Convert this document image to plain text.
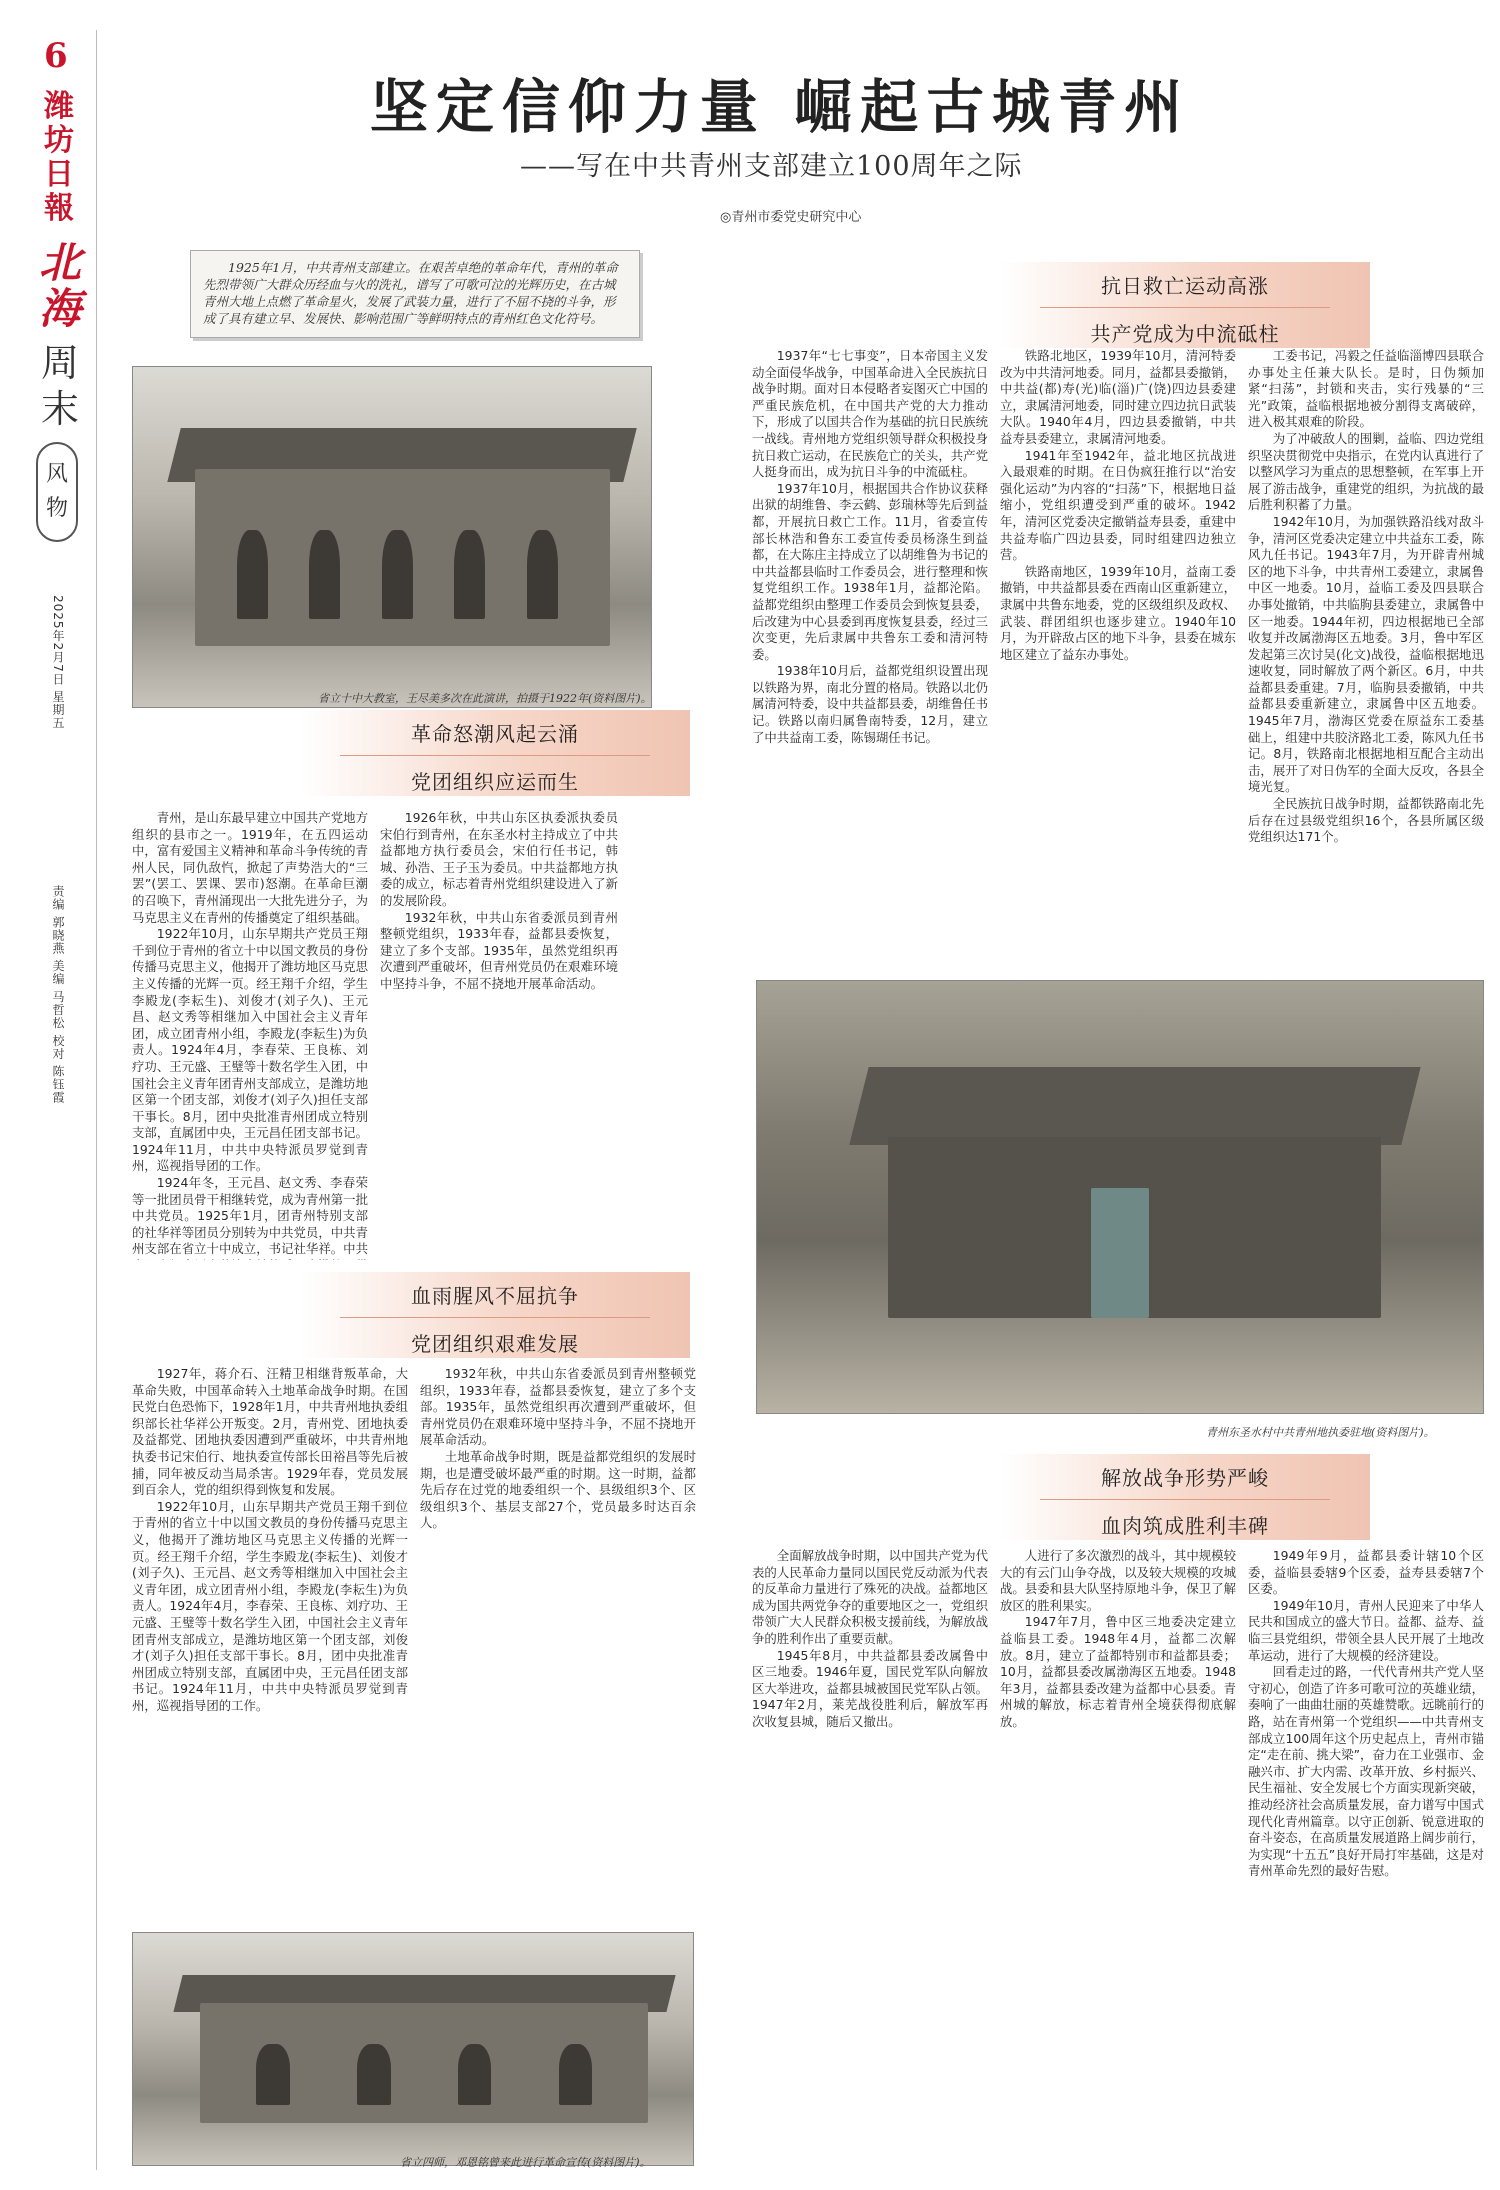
6
潍坊日報
北海
周末
风物
2025年2月7日 星期五
责编 郭晓燕 美编 马哲松 校对 陈钰霞
坚定信仰力量 崛起古城青州
——写在中共青州支部建立100周年之际
◎青州市委党史研究中心
1925年1月，中共青州支部建立。在艰苦卓绝的革命年代，青州的革命先烈带领广大群众历经血与火的洗礼，谱写了可歌可泣的光辉历史，在古城青州大地上点燃了革命星火，发展了武装力量，进行了不屈不挠的斗争，形成了具有建立早、发展快、影响范围广等鲜明特点的青州红色文化符号。
省立十中大教室，王尽美多次在此演讲，拍摄于1922年(资料图片)。
革命怒潮风起云涌
党团组织应运而生

青州，是山东最早建立中国共产党地方组织的县市之一。1919年，在五四运动中，富有爱国主义精神和革命斗争传统的青州人民，同仇敌忾，掀起了声势浩大的“三罢”(罢工、罢课、罢市)怒潮。在革命巨潮的召唤下，青州涌现出一大批先进分子，为马克思主义在青州的传播奠定了组织基础。

1922年10月，山东早期共产党员王翔千到位于青州的省立十中以国文教员的身份传播马克思主义，他揭开了潍坊地区马克思主义传播的光辉一页。经王翔千介绍，学生李殿龙(李耘生)、刘俊才(刘子久)、王元昌、赵文秀等相继加入中国社会主义青年团，成立团青州小组，李殿龙(李耘生)为负责人。1924年4月，李春荣、王良栋、刘疗功、王元盛、王璧等十数名学生入团，中国社会主义青年团青州支部成立，是潍坊地区第一个团支部，刘俊才(刘子久)担任支部干事长。8月，团中央批准青州团成立特别支部，直属团中央，王元昌任团支部书记。1924年11月，中共中央特派员罗觉到青州，巡视指导团的工作。

1924年冬，王元昌、赵文秀、李春荣等一批团员骨干相继转党，成为青州第一批中共党员。1925年1月，团青州特别支部的社华祥等团员分别转为中共党员，中共青州支部在省立十中成立，书记社华祥。中共

1926年秋，中共山东区执委派执委员宋伯行到青州，在东圣水村主持成立了中共益都地方执行委员会，宋伯行任书记，韩城、孙浩、王子玉为委员。中共益都地方执委的成立，标志着青州党组织建设进入了新的发展阶段。

1932年秋，中共山东省委派员到青州整顿党组织，1933年春，益都县委恢复，建立了多个支部。1935年，虽然党组织再次遭到严重破坏，但青州党员仍在艰难环境中坚持斗争，不屈不挠地开展革命活动。

血雨腥风不屈抗争
党团组织艰难发展

1927年，蒋介石、汪精卫相继背叛革命，大革命失败，中国革命转入土地革命战争时期。在国民党白色恐怖下，1928年1月，中共青州地执委组织部长社华祥公开叛变。2月，青州党、团地执委及益都党、团地执委因遭到严重破坏，中共青州地执委书记宋伯行、地执委宣传部长田裕昌等先后被捕，同年被反动当局杀害。1929年春，党员发展到百余人，党的组织得到恢复和发展。

1922年10月，山东早期共产党员王翔千到位于青州的省立十中以国文教员的身份传播马克思主义，他揭开了潍坊地区马克思主义传播的光辉一页。经王翔千介绍，学生李殿龙(李耘生)、刘俊才(刘子久)、王元昌、赵文秀等相继加入中国社会主义青年团，成立团青州小组，李殿龙(李耘生)为负责人。1924年4月，李春荣、王良栋、刘疗功、王元盛、王璧等十数名学生入团，中国社会主义青年团青州支部成立，是潍坊地区第一个团支部，刘俊才(刘子久)担任支部干事长。8月，团中央批准青州团成立特别支部，直属团中央，王元昌任团支部书记。1924年11月，中共中央特派员罗觉到青州，巡视指导团的工作。

1932年秋，中共山东省委派员到青州整顿党组织，1933年春，益都县委恢复，建立了多个支部。1935年，虽然党组织再次遭到严重破坏，但青州党员仍在艰难环境中坚持斗争，不屈不挠地开展革命活动。

土地革命战争时期，既是益都党组织的发展时期，也是遭受破坏最严重的时期。这一时期，益都先后存在过党的地委组织一个、县级组织3个、区级组织3个、基层支部27个，党员最多时达百余人。

省立四师，邓恩铭曾来此进行革命宣传(资料图片)。
抗日救亡运动高涨
共产党成为中流砥柱

1937年“七七事变”，日本帝国主义发动全面侵华战争，中国革命进入全民族抗日战争时期。面对日本侵略者妄图灭亡中国的严重民族危机，在中国共产党的大力推动下，形成了以国共合作为基础的抗日民族统一战线。青州地方党组织领导群众积极投身抗日救亡运动，在民族危亡的关头，共产党人挺身而出，成为抗日斗争的中流砥柱。

1937年10月，根据国共合作协议获释出狱的胡维鲁、李云鹤、彭瑞林等先后到益都，开展抗日救亡工作。11月，省委宣传部长林浩和鲁东工委宣传委员杨涤生到益都，在大陈庄主持成立了以胡维鲁为书记的中共益都县临时工作委员会，进行整理和恢复党组织工作。1938年1月，益都沦陷。益都党组织由整理工作委员会到恢复县委，后改建为中心县委到再度恢复县委，经过三次变更，先后隶属中共鲁东工委和清河特委。

1938年10月后，益都党组织设置出现以铁路为界，南北分置的格局。铁路以北仍属清河特委，设中共益都县委，胡维鲁任书记。铁路以南归属鲁南特委，12月，建立了中共益南工委，陈锡瑚任书记。

铁路北地区，1939年10月，清河特委改为中共清河地委。同月，益都县委撤销，中共益(都)寿(光)临(淄)广(饶)四边县委建立，隶属清河地委，同时建立四边抗日武装大队。1940年4月，四边县委撤销，中共益寿县委建立，隶属清河地委。

1941年至1942年，益北地区抗战进入最艰难的时期。在日伪疯狂推行以“治安强化运动”为内容的“扫荡”下，根据地日益缩小，党组织遭受到严重的破坏。1942年，清河区党委决定撤销益寿县委，重建中共益寿临广四边县委，同时组建四边独立营。

铁路南地区，1939年10月，益南工委撤销，中共益都县委在西南山区重新建立，隶属中共鲁东地委，党的区级组织及政权、武装、群团组织也逐步建立。1940年10月，为开辟敌占区的地下斗争，县委在城东地区建立了益东办事处。

工委书记，冯毅之任益临淄博四县联合办事处主任兼大队长。是时，日伪频加紧“扫荡”，封锁和夹击，实行残暴的“三光”政策，益临根据地被分割得支离破碎，进入极其艰难的阶段。

为了冲破敌人的围剿，益临、四边党组织坚决贯彻党中央指示，在党内认真进行了以整风学习为重点的思想整顿，在军事上开展了游击战争，重建党的组织，为抗战的最后胜利积蓄了力量。

1942年10月，为加强铁路沿线对敌斗争，清河区党委决定建立中共益东工委，陈风九任书记。1943年7月，为开辟青州城区的地下斗争，中共青州工委建立，隶属鲁中区一地委。10月，益临工委及四县联合办事处撤销，中共临朐县委建立，隶属鲁中区一地委。1944年初，四边根据地已全部收复并改属渤海区五地委。3月，鲁中军区发起第三次讨吴(化文)战役，益临根据地迅速收复，同时解放了两个新区。6月，中共益都县委重建。7月，临朐县委撤销，中共益都县委重新建立，隶属鲁中区五地委。1945年7月，渤海区党委在原益东工委基础上，组建中共胶济路北工委，陈风九任书记。8月，铁路南北根据地相互配合主动出击，展开了对日伪军的全面大反攻，各县全境光复。

全民族抗日战争时期，益都铁路南北先后存在过县级党组织16个，各县所属区级党组织达171个。

青州东圣水村中共青州地执委驻地(资料图片)。
解放战争形势严峻
血肉筑成胜利丰碑

全面解放战争时期，以中国共产党为代表的人民革命力量同以国民党反动派为代表的反革命力量进行了殊死的决战。益都地区成为国共两党争夺的重要地区之一，党组织带领广大人民群众积极支援前线，为解放战争的胜利作出了重要贡献。

1945年8月，中共益都县委改属鲁中区三地委。1946年夏，国民党军队向解放区大举进攻，益都县城被国民党军队占领。1947年2月，莱芜战役胜利后，解放军再次收复县城，随后又撤出。

人进行了多次激烈的战斗，其中规模较大的有云门山争夺战，以及较大规模的攻城战。县委和县大队坚持原地斗争，保卫了解放区的胜利果实。

1947年7月，鲁中区三地委决定建立益临县工委。1948年4月，益都二次解放。8月，建立了益都特别市和益都县委；10月，益都县委改属渤海区五地委。1948年3月，益都县委改建为益都中心县委。青州城的解放，标志着青州全境获得彻底解放。

1949年9月，益都县委计辖10个区委，益临县委辖9个区委，益寿县委辖7个区委。

1949年10月，青州人民迎来了中华人民共和国成立的盛大节日。益都、益寿、益临三县党组织，带领全县人民开展了土地改革运动，进行了大规模的经济建设。

回看走过的路，一代代青州共产党人坚守初心，创造了许多可歌可泣的英雄业绩，奏响了一曲曲壮丽的英雄赞歌。远眺前行的路，站在青州第一个党组织——中共青州支部成立100周年这个历史起点上，青州市锚定“走在前、挑大梁”，奋力在工业强市、金融兴市、扩大内需、改革开放、乡村振兴、民生福祉、安全发展七个方面实现新突破，推动经济社会高质量发展，奋力谱写中国式现代化青州篇章。以守正创新、锐意进取的奋斗姿态，在高质量发展道路上阔步前行，为实现“十五五”良好开局打牢基础，这是对青州革命先烈的最好告慰。
